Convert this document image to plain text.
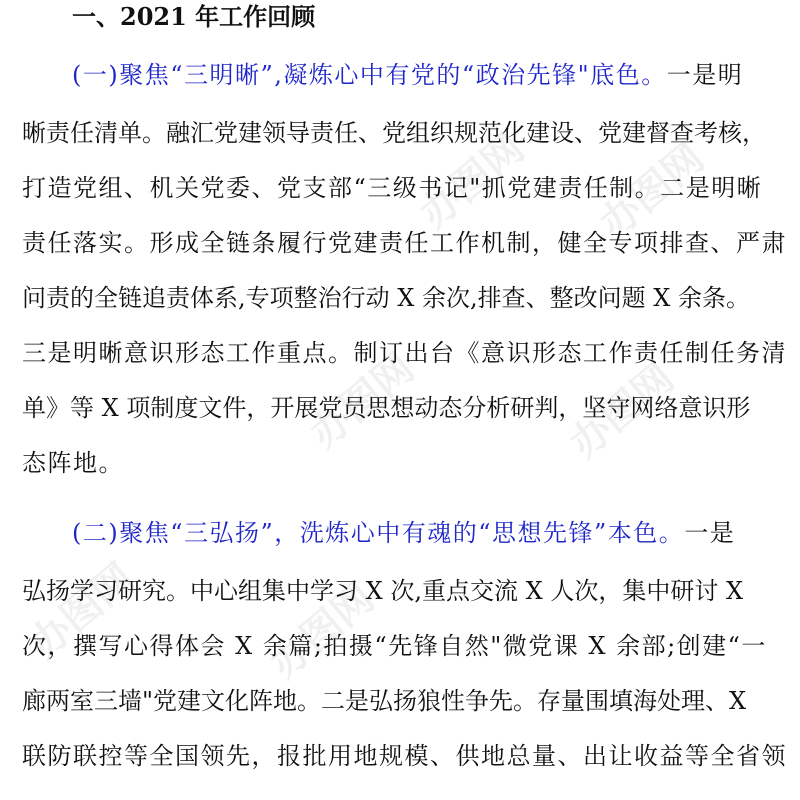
办图网 办图网
办图网	办图网
办图网	办图网
一、2021 年工作回顾
(一)聚焦“三明晰”,凝炼心中有党的“政治先锋"底色。一是明
晰责任清单。融汇党建领导责任、党组织规范化建设、党建督查考核，
打造党组、机关党委、党支部“三级书记"抓党建责任制。二是明晰
责任落实。形成全链条履行党建责任工作机制，健全专项排查、严肃
问责的全链追责体系,专项整治行动 X 余次,排查、整改问题 X 余条。
三是明晰意识形态工作重点。制订出台《意识形态工作责任制任务清
单》等 X 项制度文件，开展党员思想动态分析研判，坚守网络意识形
态阵地。
(二)聚焦“三弘扬”，洗炼心中有魂的“思想先锋”本色。一是
弘扬学习研究。中心组集中学习 X 次,重点交流 X 人次，集中研讨 X
次，撰写心得体会 X 余篇;拍摄“先锋自然"微党课 X 余部;创建“一
廊两室三墙"党建文化阵地。二是弘扬狼性争先。存量围填海处理、X
联防联控等全国领先，报批用地规模、供地总量、出让收益等全省领
